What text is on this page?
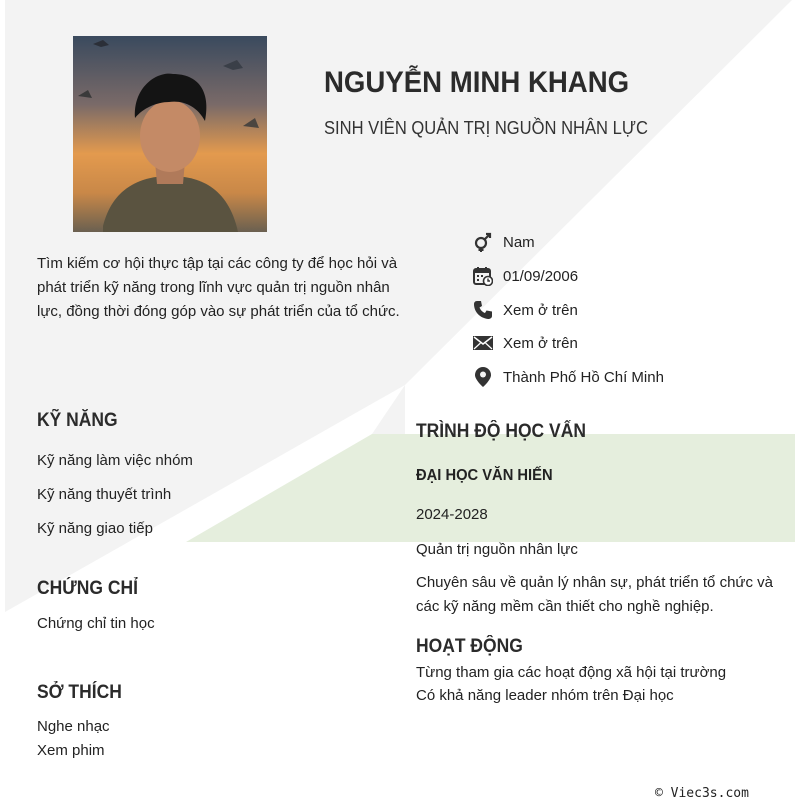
NGUYỄN MINH KHANG
SINH VIÊN QUẢN TRỊ NGUỒN NHÂN LỰC
Tìm kiếm cơ hội thực tập tại các công ty để học hỏi và phát triển kỹ năng trong lĩnh vực quản trị nguồn nhân lực, đồng thời đóng góp vào sự phát triển của tổ chức.
Nam
01/09/2006
Xem ở trên
Xem ở trên
Thành Phố Hồ Chí Minh
KỸ NĂNG
Kỹ năng làm việc nhóm
Kỹ năng thuyết trình
Kỹ năng giao tiếp
CHỨNG CHỈ
Chứng chỉ tin học
SỞ THÍCH
Nghe nhạc
Xem phim
TRÌNH ĐỘ HỌC VẤN
ĐẠI HỌC VĂN HIẾN
2024-2028
Quản trị nguồn nhân lực
Chuyên sâu về quản lý nhân sự, phát triển tổ chức và các kỹ năng mềm cần thiết cho nghề nghiệp.
HOẠT ĐỘNG
Từng tham gia các hoạt động xã hội tại trường
Có khả năng leader nhóm trên Đại học
© Viec3s.com
